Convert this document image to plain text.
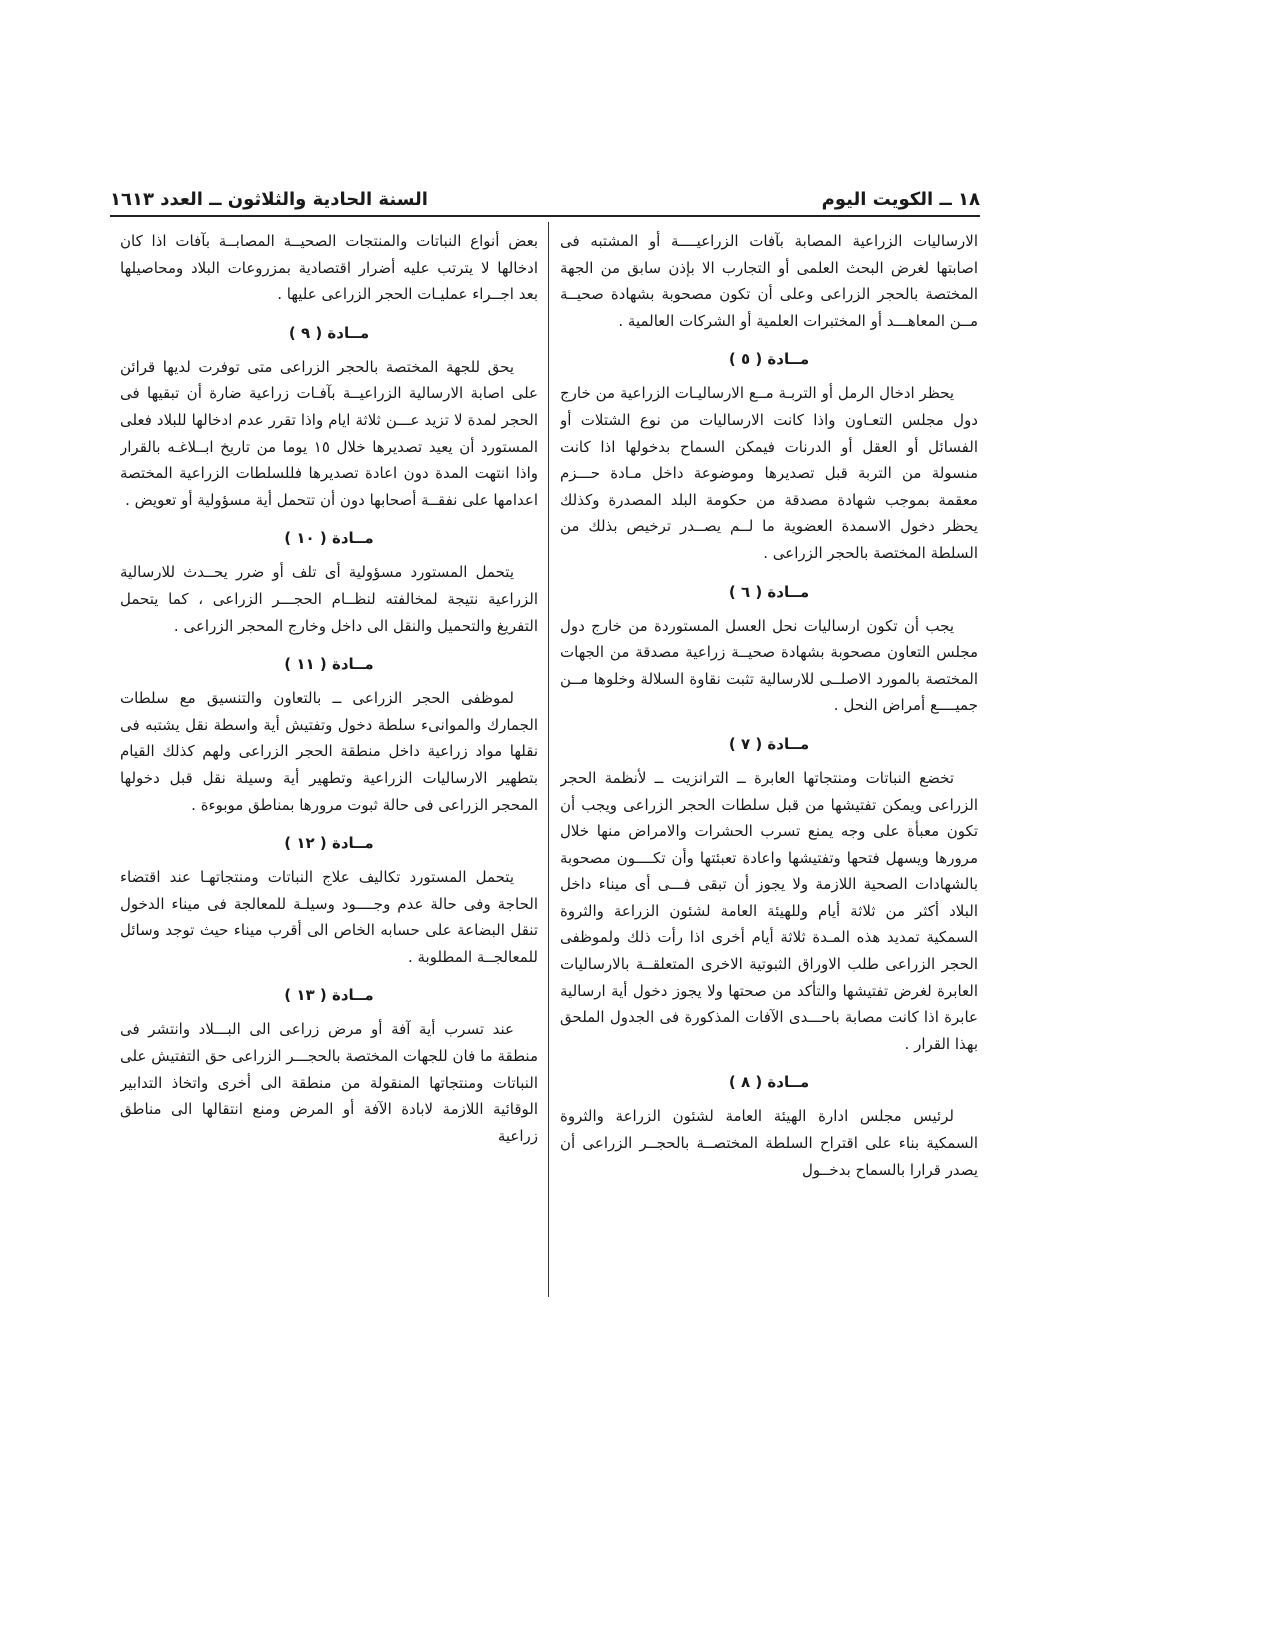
١٨ ــ الكويت اليوم
السنة الحادية والثلاثون ــ العدد ١٦١٣

الارساليات الزراعية المصابة بآفات الزراعيــــة أو المشتبه فى اصابتها لغرض البحث العلمى أو التجارب الا بإذن سابق من الجهة المختصة بالحجر الزراعى وعلى أن تكون مصحوبة بشهادة صحيــة مــن المعاهـــد أو المختبرات العلمية أو الشركات العالمية .

مــادة ( ٥ )

يحظر ادخال الرمل أو التربـة مــع الارساليـات الزراعية من خارج دول مجلس التعـاون واذا كانت الارساليات من نوع الشتلات أو الفسائل أو العقل أو الدرنات فيمكن السماح بدخولها اذا كانت منسولة من التربة قبل تصديرها وموضوعة داخل مـادة حـــزم معقمة بموجب شهادة مصدقة من حكومة البلد المصدرة وكذلك يحظر دخول الاسمدة العضوية ما لــم يصــدر ترخيص بذلك من السلطة المختصة بالحجر الزراعى .

مــادة ( ٦ )

يجب أن تكون ارساليات نحل العسل المستوردة من خارج دول مجلس التعاون مصحوبة بشهادة صحيــة زراعية مصدقة من الجهات المختصة بالمورد الاصلــى للارسالية تثبت نقاوة السلالة وخلوها مــن جميــــع أمراض النحل .

مــادة ( ٧ )

تخضع النباتات ومنتجاتها العابرة ــ الترانزيت ــ لأنظمة الحجر الزراعى ويمكن تفتيشها من قبل سلطات الحجر الزراعى ويجب أن تكون معبأة على وجه يمنع تسرب الحشرات والامراض منها خلال مرورها ويسهل فتحها وتفتيشها واعادة تعبئتها وأن تكــــون مصحوبة بالشهادات الصحية اللازمة ولا يجوز أن تبقى فـــى أى ميناء داخل البلاد أكثر من ثلاثة أيام وللهيئة العامة لشئون الزراعة والثروة السمكية تمديد هذه المـدة ثلاثة أيام أخرى اذا رأت ذلك ولموظفى الحجر الزراعى طلب الاوراق الثبوتية الاخرى المتعلقــة بالارساليات العابرة لغرض تفتيشها والتأكد من صحتها ولا يجوز دخول أية ارسالية عابرة اذا كانت مصابة باحـــدى الآفات المذكورة فى الجدول الملحق بهذا القرار .

مــادة ( ٨ )

لرئيس مجلس ادارة الهيئة العامة لشئون الزراعة والثروة السمكية بناء على اقتراح السلطة المختصــة بالحجــر الزراعى أن يصدر قرارا بالسماح بدخــول

بعض أنواع النباتات والمنتجات الصحيــة المصابــة بآفات اذا كان ادخالها لا يترتب عليه أضرار اقتصادية بمزروعات البلاد ومحاصيلها بعد اجــراء عمليـات الحجر الزراعى عليها .

مــادة ( ٩ )

يحق للجهة المختصة بالحجر الزراعى متى توفرت لديها قرائن على اصابة الارسالية الزراعيــة بآفـات زراعية ضارة أن تبقيها فى الحجر لمدة لا تزيد عـــن ثلاثة ايام واذا تقرر عدم ادخالها للبلاد فعلى المستورد أن يعيد تصديرها خلال ١٥ يوما من تاريخ ابــلاغـه بالقرار واذا انتهت المدة دون اعادة تصديرها فللسلطات الزراعية المختصة اعدامها على نفقــة أصحابها دون أن تتحمل أية مسؤولية أو تعويض .

مــادة ( ١٠ )

يتحمل المستورد مسؤولية أى تلف أو ضرر يحــدث للارسالية الزراعية نتيجة لمخالفته لنظــام الحجـــر الزراعى ، كما يتحمل التفريغ والتحميل والنقل الى داخل وخارج المحجر الزراعى .

مــادة ( ١١ )

لموظفى الحجر الزراعى ــ بالتعاون والتنسيق مع سلطات الجمارك والموانىء سلطة دخول وتفتيش أية واسطة نقل يشتبه فى نقلها مواد زراعية داخل منطقة الحجر الزراعى ولهم كذلك القيام بتطهير الارساليات الزراعية وتطهير أية وسيلة نقل قبل دخولها المحجر الزراعى فى حالة ثبوت مرورها بمناطق موبوءة .

مــادة ( ١٢ )

يتحمل المستورد تكاليف علاج النباتات ومنتجاتهـا عند اقتضاء الحاجة وفى حالة عدم وجــــود وسيلـة للمعالجة فى ميناء الدخول تنقل البضاعة على حسابه الخاص الى أقرب ميناء حيث توجد وسائل للمعالجــة المطلوبة .

مــادة ( ١٣ )

عند تسرب أية آفة أو مرض زراعى الى البـــلاد وانتشر فى منطقة ما فان للجهات المختصة بالحجـــر الزراعى حق التفتيش على النباتات ومنتجاتها المنقولة من منطقة الى أخرى واتخاذ التدابير الوقائية اللازمة لابادة الآفة أو المرض ومنع انتقالها الى مناطق زراعية
